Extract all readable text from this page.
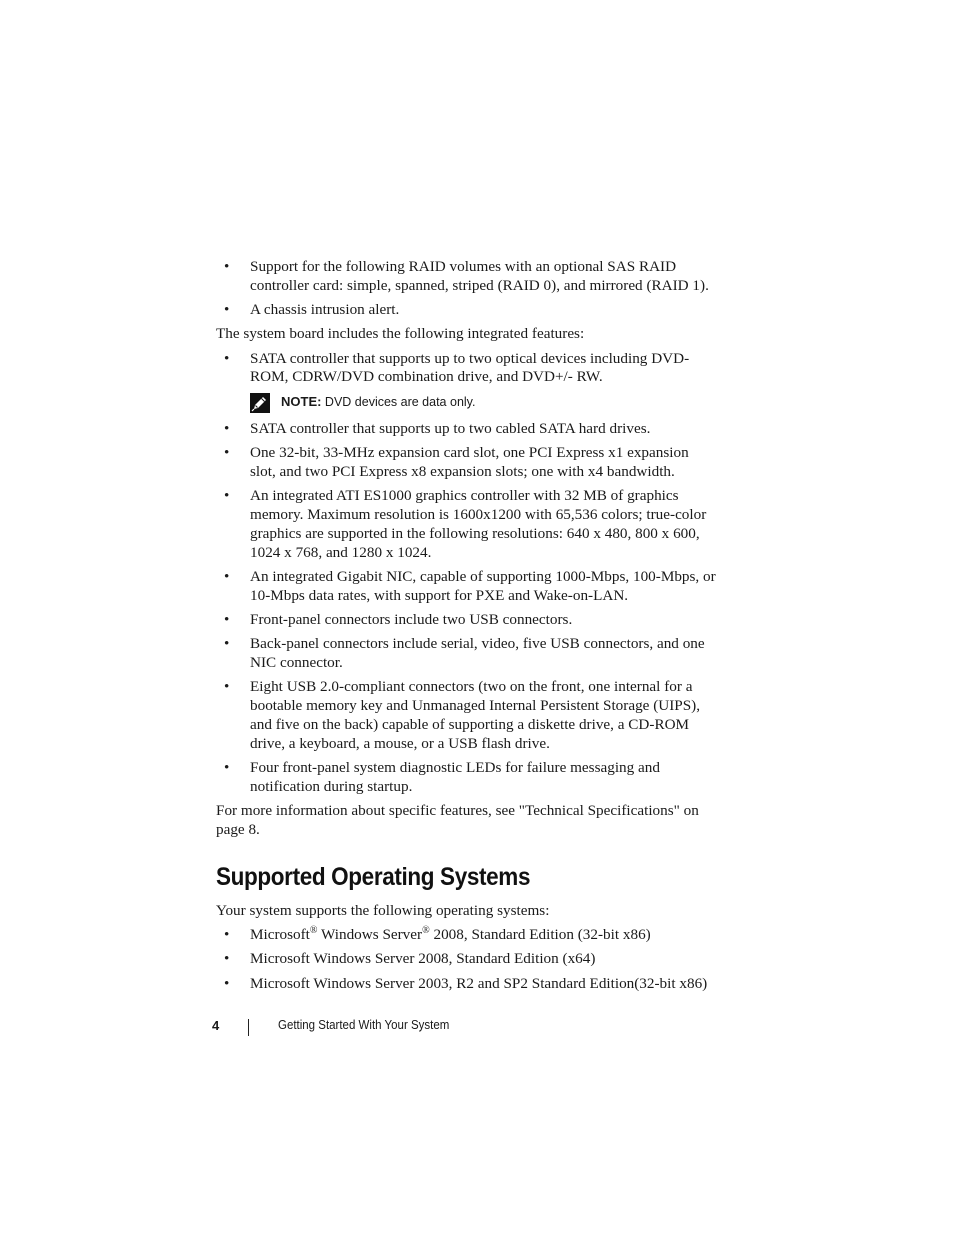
• Support for the following RAID volumes with an optional SAS RAID controller card: simple, spanned, striped (RAID 0), and mirrored (RAID 1).
• A chassis intrusion alert.

The system board includes the following integrated features:

• SATA controller that supports up to two optical devices including DVD-ROM, CDRW/DVD combination drive, and DVD+/- RW.
NOTE: DVD devices are data only.
• SATA controller that supports up to two cabled SATA hard drives.
• One 32-bit, 33-MHz expansion card slot, one PCI Express x1 expansion slot, and two PCI Express x8 expansion slots; one with x4 bandwidth.
• An integrated ATI ES1000 graphics controller with 32 MB of graphics memory. Maximum resolution is 1600x1200 with 65,536 colors; true-color graphics are supported in the following resolutions: 640 x 480, 800 x 600, 1024 x 768, and 1280 x 1024.
• An integrated Gigabit NIC, capable of supporting 1000-Mbps, 100-Mbps, or 10-Mbps data rates, with support for PXE and Wake-on-LAN.
• Front-panel connectors include two USB connectors.
• Back-panel connectors include serial, video, five USB connectors, and one NIC connector.
• Eight USB 2.0-compliant connectors (two on the front, one internal for a bootable memory key and Unmanaged Internal Persistent Storage (UIPS), and five on the back) capable of supporting a diskette drive, a CD-ROM drive, a keyboard, a mouse, or a USB flash drive.
• Four front-panel system diagnostic LEDs for failure messaging and notification during startup.

For more information about specific features, see "Technical Specifications" on page 8.

Supported Operating Systems

Your system supports the following operating systems:

• Microsoft® Windows Server® 2008, Standard Edition (32-bit x86)
• Microsoft Windows Server 2008, Standard Edition (x64)
• Microsoft Windows Server 2003, R2 and SP2 Standard Edition(32-bit x86)
4	Getting Started With Your System
